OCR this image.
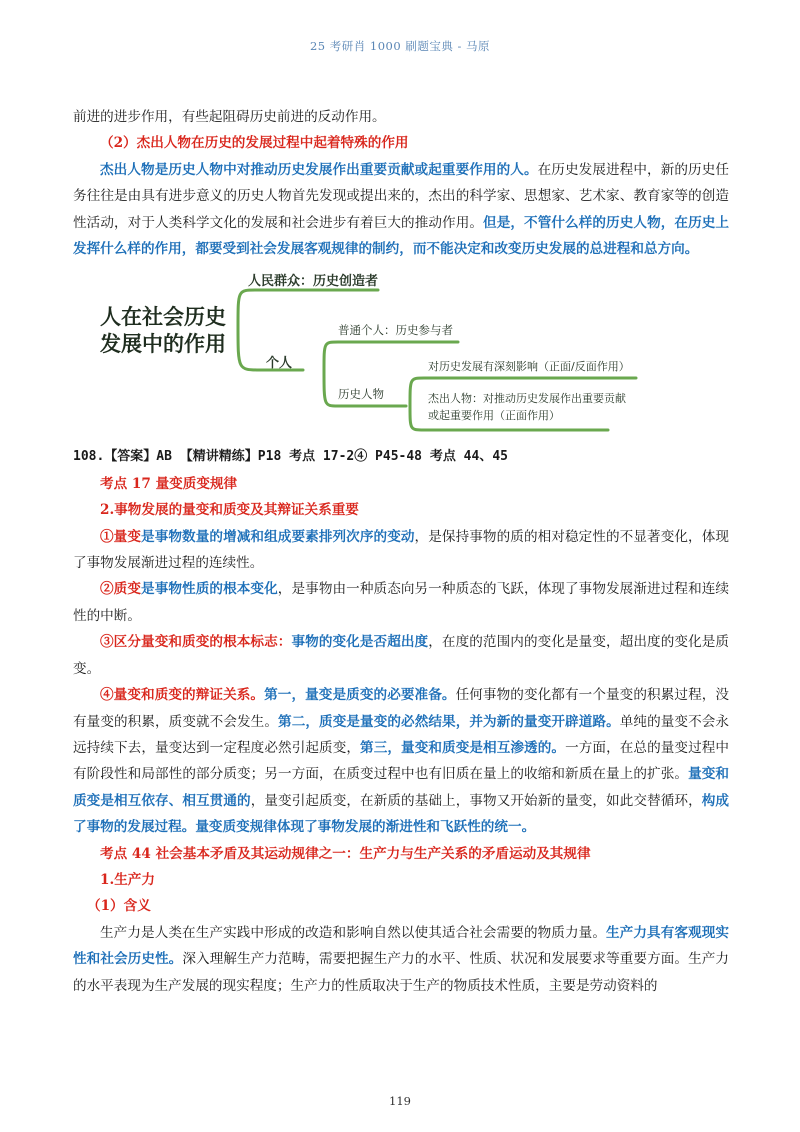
25 考研肖 1000 刷题宝典 - 马原

前进的进步作用，有些起阻碍历史前进的反动作用。

（2）杰出人物在历史的发展过程中起着特殊的作用

杰出人物是历史人物中对推动历史发展作出重要贡献或起重要作用的人。在历史发展进程中，新的历史任务往往是由具有进步意义的历史人物首先发现或提出来的，杰出的科学家、思想家、艺术家、教育家等的创造性活动，对于人类科学文化的发展和社会进步有着巨大的推动作用。但是，不管什么样的历史人物，在历史上发挥什么样的作用，都要受到社会发展客观规律的制约，而不能决定和改变历史发展的总进程和总方向。

人在社会历史
发展中的作用
人民群众：历史创造者
个人
普通个人：历史参与者
历史人物
对历史发展有深刻影响（正面/反面作用）
杰出人物：对推动历史发展作出重要贡献
或起重要作用（正面作用）

108.【答案】AB 【精讲精练】P18 考点 17-2④ P45-48 考点 44、45

考点 17 量变质变规律

2.事物发展的量变和质变及其辩证关系重要

①量变是事物数量的增减和组成要素排列次序的变动，是保持事物的质的相对稳定性的不显著变化，体现了事物发展渐进过程的连续性。

②质变是事物性质的根本变化，是事物由一种质态向另一种质态的飞跃，体现了事物发展渐进过程和连续性的中断。

③区分量变和质变的根本标志：事物的变化是否超出度，在度的范围内的变化是量变，超出度的变化是质变。

④量变和质变的辩证关系。第一，量变是质变的必要准备。任何事物的变化都有一个量变的积累过程，没有量变的积累，质变就不会发生。第二，质变是量变的必然结果，并为新的量变开辟道路。单纯的量变不会永远持续下去，量变达到一定程度必然引起质变，第三，量变和质变是相互渗透的。一方面，在总的量变过程中有阶段性和局部性的部分质变；另一方面，在质变过程中也有旧质在量上的收缩和新质在量上的扩张。量变和质变是相互依存、相互贯通的，量变引起质变，在新质的基础上，事物又开始新的量变，如此交替循环，构成了事物的发展过程。量变质变规律体现了事物发展的渐进性和飞跃性的统一。

考点 44 社会基本矛盾及其运动规律之一：生产力与生产关系的矛盾运动及其规律

1.生产力

（1）含义

生产力是人类在生产实践中形成的改造和影响自然以使其适合社会需要的物质力量。生产力具有客观现实性和社会历史性。深入理解生产力范畴，需要把握生产力的水平、性质、状况和发展要求等重要方面。生产力的水平表现为生产发展的现实程度；生产力的性质取决于生产的物质技术性质，主要是劳动资料的

119
